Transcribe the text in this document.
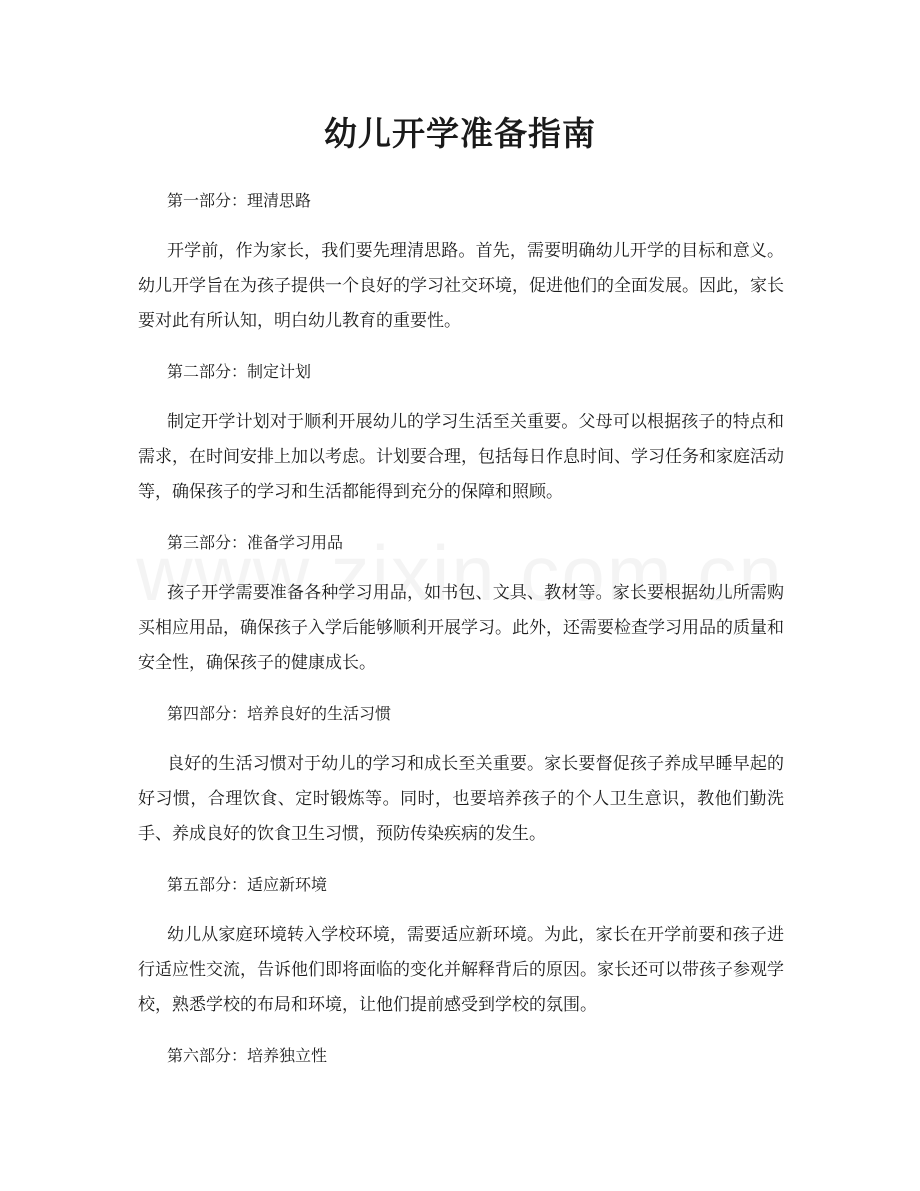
幼儿开学准备指南
第一部分：理清思路

开学前，作为家长，我们要先理清思路。首先，需要明确幼儿开学的目标和意义。幼儿开学旨在为孩子提供一个良好的学习社交环境，促进他们的全面发展。因此，家长要对此有所认知，明白幼儿教育的重要性。

第二部分：制定计划

制定开学计划对于顺利开展幼儿的学习生活至关重要。父母可以根据孩子的特点和需求，在时间安排上加以考虑。计划要合理，包括每日作息时间、学习任务和家庭活动等，确保孩子的学习和生活都能得到充分的保障和照顾。

第三部分：准备学习用品

孩子开学需要准备各种学习用品，如书包、文具、教材等。家长要根据幼儿所需购买相应用品，确保孩子入学后能够顺利开展学习。此外，还需要检查学习用品的质量和安全性，确保孩子的健康成长。

第四部分：培养良好的生活习惯

良好的生活习惯对于幼儿的学习和成长至关重要。家长要督促孩子养成早睡早起的好习惯，合理饮食、定时锻炼等。同时，也要培养孩子的个人卫生意识，教他们勤洗手、养成良好的饮食卫生习惯，预防传染疾病的发生。

第五部分：适应新环境

幼儿从家庭环境转入学校环境，需要适应新环境。为此，家长在开学前要和孩子进行适应性交流，告诉他们即将面临的变化并解释背后的原因。家长还可以带孩子参观学校，熟悉学校的布局和环境，让他们提前感受到学校的氛围。

第六部分：培养独立性
